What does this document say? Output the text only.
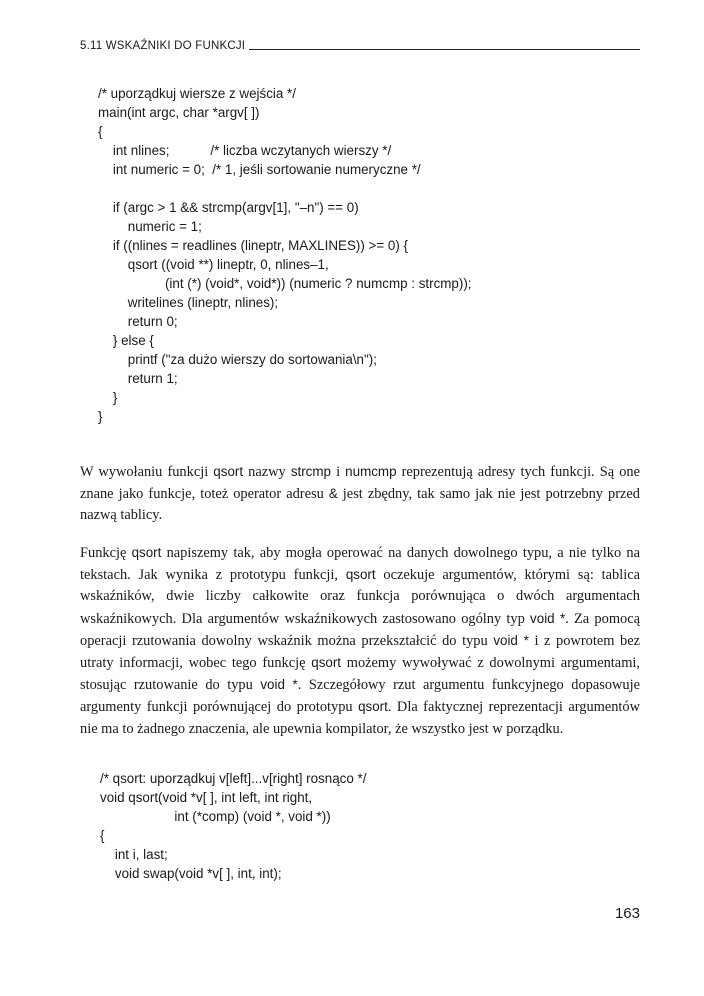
5.11 WSKAŹNIKI DO FUNKCJI
/* uporządkuj wiersze z wejścia */
main(int argc, char *argv[ ])
{
int nlines;           /* liczba wczytanych wierszy */
int numeric = 0;  /* 1, jeśli sortowanie numeryczne */
if (argc > 1 && strcmp(argv[1], "–n") == 0)
numeric = 1;
if ((nlines = readlines (lineptr, MAXLINES)) >= 0) {
qsort ((void **) lineptr, 0, nlines–1,
(int (*) (void*, void*)) (numeric ? numcmp : strcmp));
writelines (lineptr, nlines);
return 0;
} else {
printf ("za dużo wierszy do sortowania\n");
return 1;
}
}

W wywołaniu funkcji qsort nazwy strcmp i numcmp reprezentują adresy tych funkcji. Są one znane jako funkcje, toteż operator adresu & jest zbędny, tak samo jak nie jest potrzebny przed nazwą tablicy.

Funkcję qsort napiszemy tak, aby mogła operować na danych dowolnego typu, a nie tylko na tekstach. Jak wynika z prototypu funkcji, qsort oczekuje argumentów, którymi są: tablica wskaźników, dwie liczby całkowite oraz funkcja porównująca o dwóch argumentach wskaźnikowych. Dla argumentów wskaźnikowych zastosowano ogólny typ void *. Za pomocą operacji rzutowania dowolny wskaźnik można przekształcić do typu void * i z powrotem bez utraty informacji, wobec tego funkcję qsort możemy wywoływać z dowolnymi argumentami, stosując rzutowanie do typu void *. Szczegółowy rzut argumentu funkcyjnego dopasowuje argumenty funkcji porównującej do prototypu qsort. Dla faktycznej reprezentacji argumentów nie ma to żadnego znaczenia, ale upewnia kompilator, że wszystko jest w porządku.

/* qsort: uporządkuj v[left]...v[right] rosnąco */
void qsort(void *v[ ], int left, int right,
int (*comp) (void *, void *))
{
int i, last;
void swap(void *v[ ], int, int);
163
